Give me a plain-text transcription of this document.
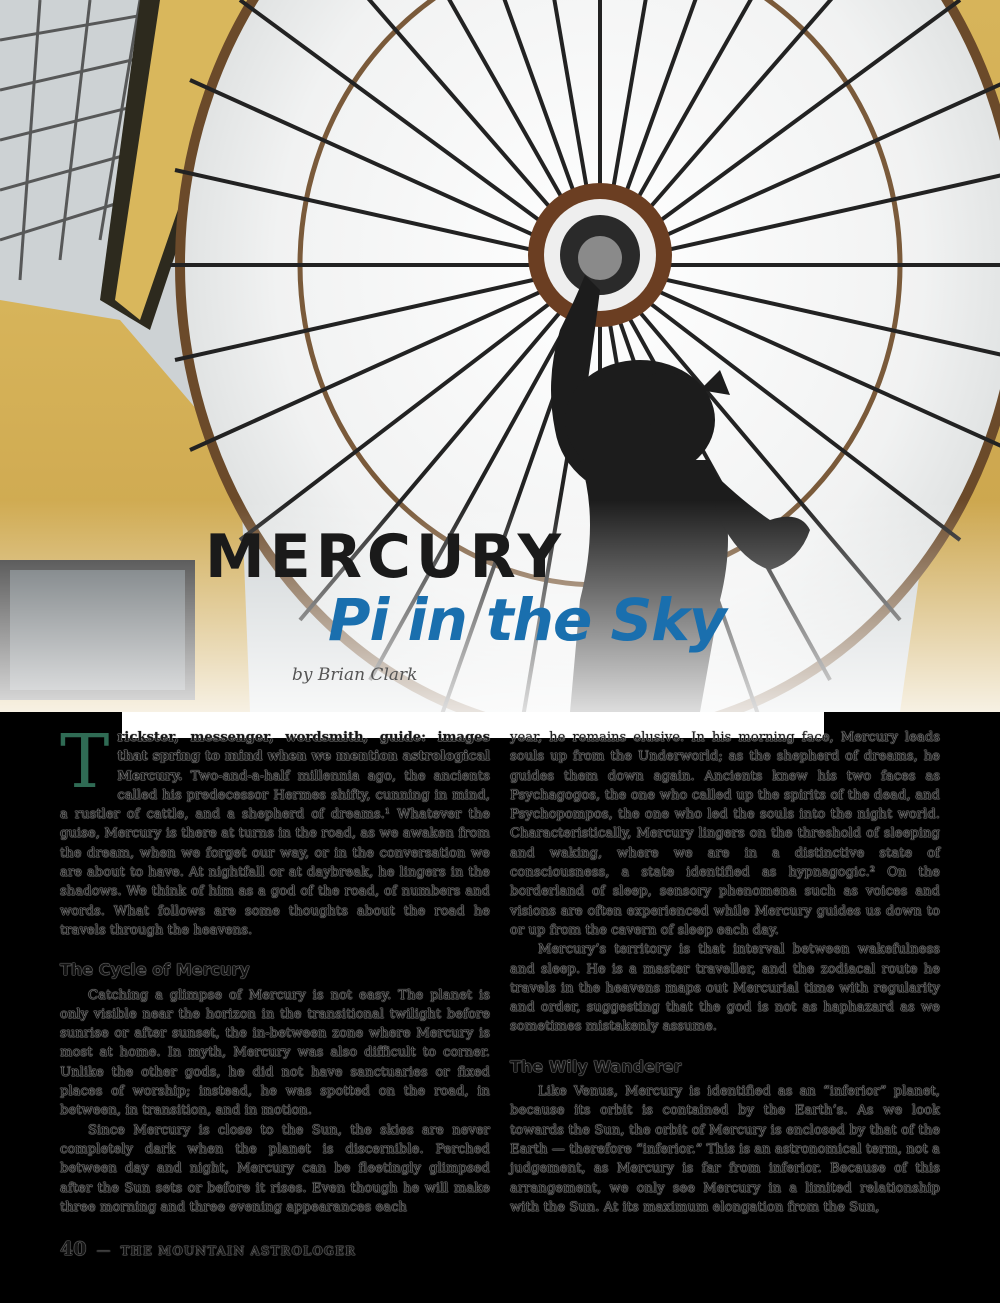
MERCURY
Pi in the Sky

by Brian Clark

Trickster, messenger, wordsmith, guide: images that spring to mind when we mention astrological Mercury. Two-and-a-half millennia ago, the ancients called his predecessor Hermes shifty, cunning in mind, a rustler of cattle, and a shepherd of dreams.¹ Whatever the guise, Mercury is there at turns in the road, as we awaken from the dream, when we forget our way, or in the conversation we are about to have. At nightfall or at daybreak, he lingers in the shadows. We think of him as a god of the road, of numbers and words. What follows are some thoughts about the road he travels through the heavens.

The Cycle of Mercury

Catching a glimpse of Mercury is not easy. The planet is only visible near the horizon in the transitional twilight before sunrise or after sunset, the in-between zone where Mercury is most at home. In myth, Mercury was also difficult to corner. Unlike the other gods, he did not have sanctuaries or fixed places of worship; instead, he was spotted on the road, in between, in transition, and in motion.

Since Mercury is close to the Sun, the skies are never completely dark when the planet is discernible. Perched between day and night, Mercury can be fleetingly glimpsed after the Sun sets or before it rises. Even though he will make three morning and three evening appearances each

year, he remains elusive. In his morning face, Mercury leads souls up from the Underworld; as the shepherd of dreams, he guides them down again. Ancients knew his two faces as Psychagogos, the one who called up the spirits of the dead, and Psychopompos, the one who led the souls into the night world. Characteristically, Mercury lingers on the threshold of sleeping and waking, where we are in a distinctive state of consciousness, a state identified as hypnagogic.² On the borderland of sleep, sensory phenomena such as voices and visions are often experienced while Mercury guides us down to or up from the cavern of sleep each day.

Mercury’s territory is that interval between wakefulness and sleep. He is a master traveller, and the zodiacal route he travels in the heavens maps out Mercurial time with regularity and order, suggesting that the god is not as haphazard as we sometimes mistakenly assume.

The Wily Wanderer

Like Venus, Mercury is identified as an “inferior” planet, because its orbit is contained by the Earth’s. As we look towards the Sun, the orbit of Mercury is enclosed by that of the Earth — therefore “inferior.” This is an astronomical term, not a judgement, as Mercury is far from inferior. Because of this arrangement, we only see Mercury in a limited relationship with the Sun. At its maximum elongation from the Sun,

40 — THE MOUNTAIN ASTROLOGER
